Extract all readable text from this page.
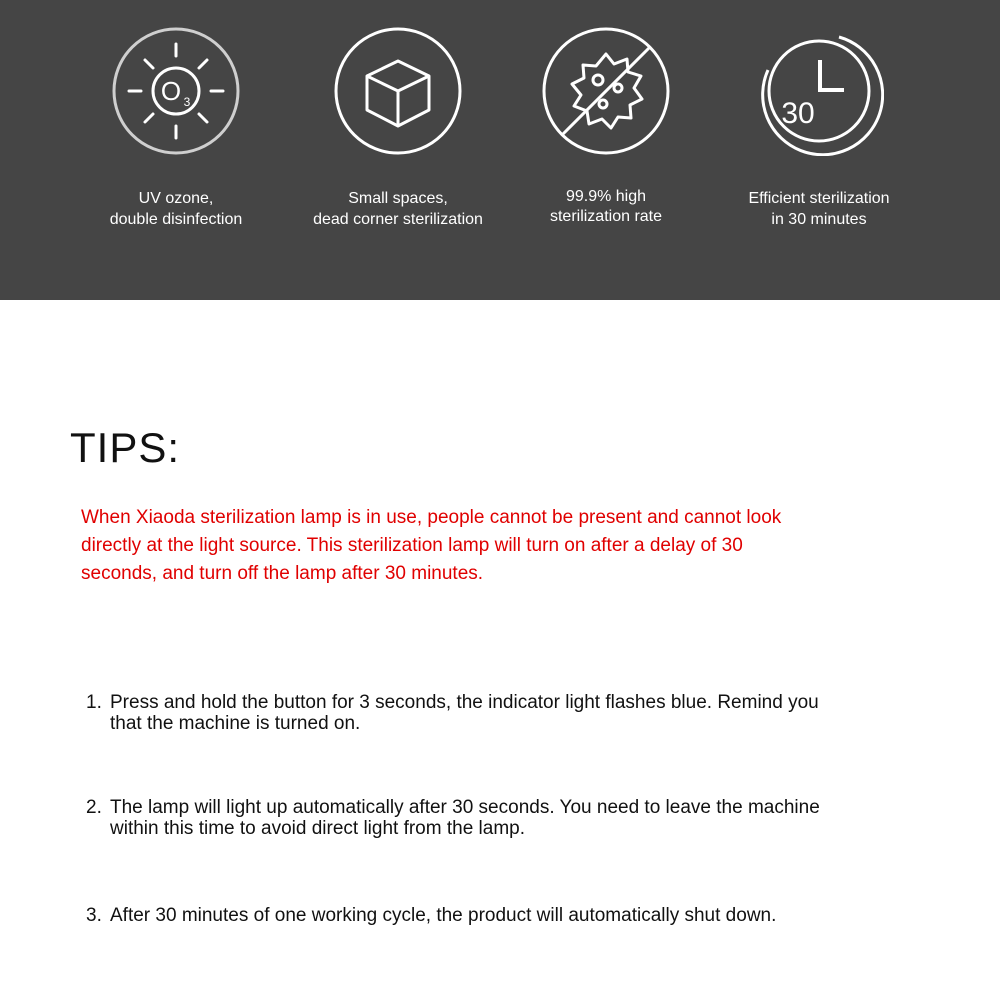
O 3
UV ozone,
double disinfection
Small spaces,
dead corner sterilization
99.9% high
sterilization rate
30
Efficient sterilization
in 30 minutes
TIPS:
When Xiaoda sterilization lamp is in use, people cannot be present and cannot look
directly at the light source. This sterilization lamp will turn on after a delay of 30
seconds, and turn off the lamp after 30 minutes.
1. Press and hold the button for 3 seconds, the indicator light flashes blue. Remind you
that the machine is turned on.
2. The lamp will light up automatically after 30 seconds. You need to leave the machine
within this time to avoid direct light from the lamp.
3. After 30 minutes of one working cycle, the product will automatically shut down.
